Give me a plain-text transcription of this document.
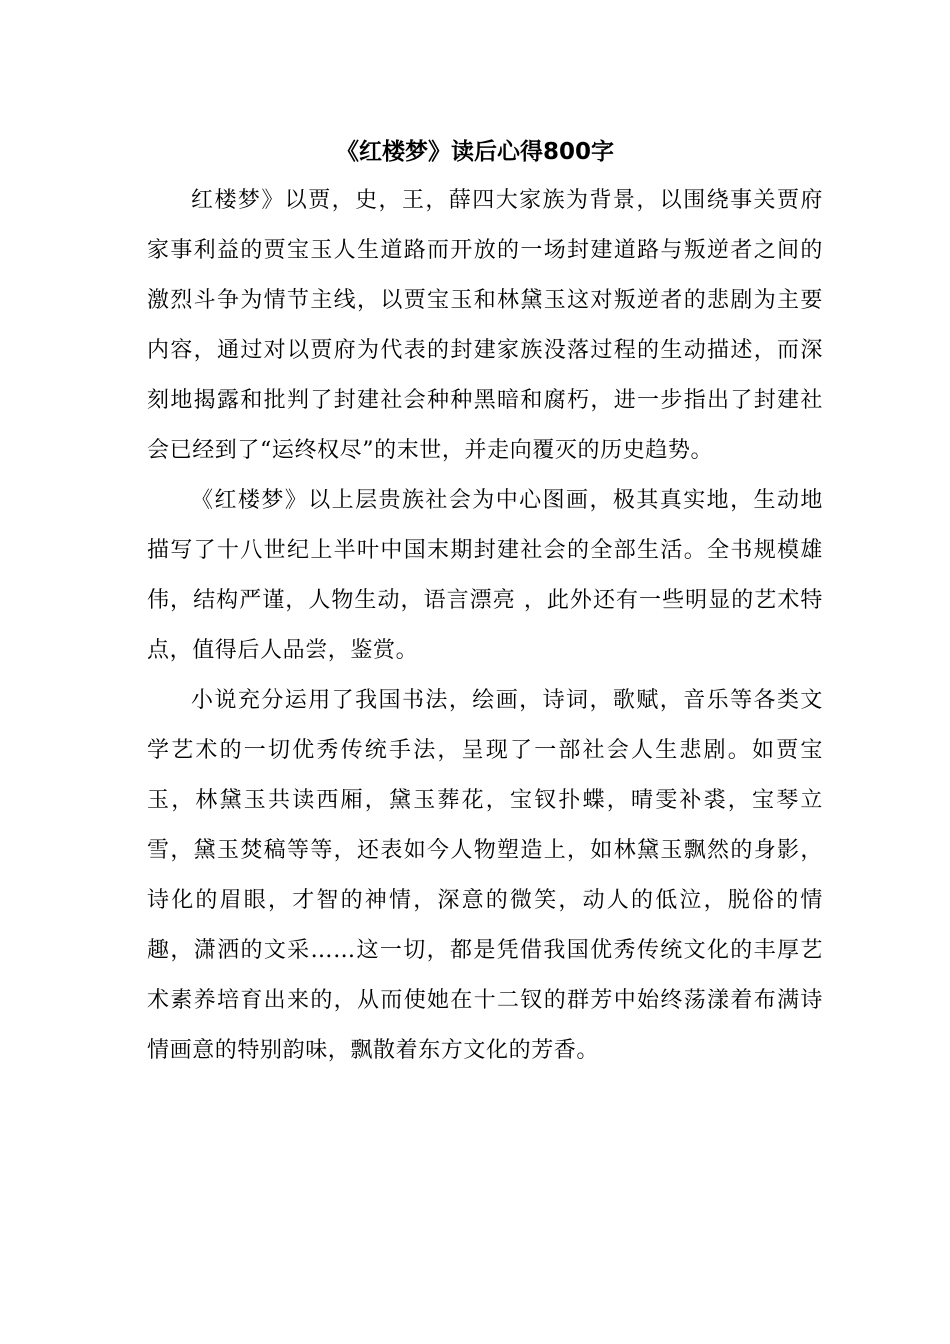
《红楼梦》读后心得800字

红楼梦》以贾，史，王，薛四大家族为背景，以围绕事关贾府家事利益的贾宝玉人生道路而开放的一场封建道路与叛逆者之间的激烈斗争为情节主线，以贾宝玉和林黛玉这对叛逆者的悲剧为主要内容，通过对以贾府为代表的封建家族没落过程的生动描述，而深刻地揭露和批判了封建社会种种黑暗和腐朽，进一步指出了封建社会已经到了“运终权尽”的末世，并走向覆灭的历史趋势。

《红楼梦》以上层贵族社会为中心图画，极其真实地，生动地描写了十八世纪上半叶中国末期封建社会的全部生活。全书规模雄伟，结构严谨，人物生动，语言漂亮 ，此外还有一些明显的艺术特点，值得后人品尝，鉴赏。

小说充分运用了我国书法，绘画，诗词，歌赋，音乐等各类文学艺术的一切优秀传统手法，呈现了一部社会人生悲剧。如贾宝玉，林黛玉共读西厢，黛玉葬花，宝钗扑蝶，晴雯补裘，宝琴立雪，黛玉焚稿等等，还表如今人物塑造上，如林黛玉飘然的身影，诗化的眉眼，才智的神情，深意的微笑，动人的低泣，脱俗的情趣，潇洒的文采……这一切，都是凭借我国优秀传统文化的丰厚艺术素养培育出来的，从而使她在十二钗的群芳中始终荡漾着布满诗情画意的特别韵味，飘散着东方文化的芳香。
